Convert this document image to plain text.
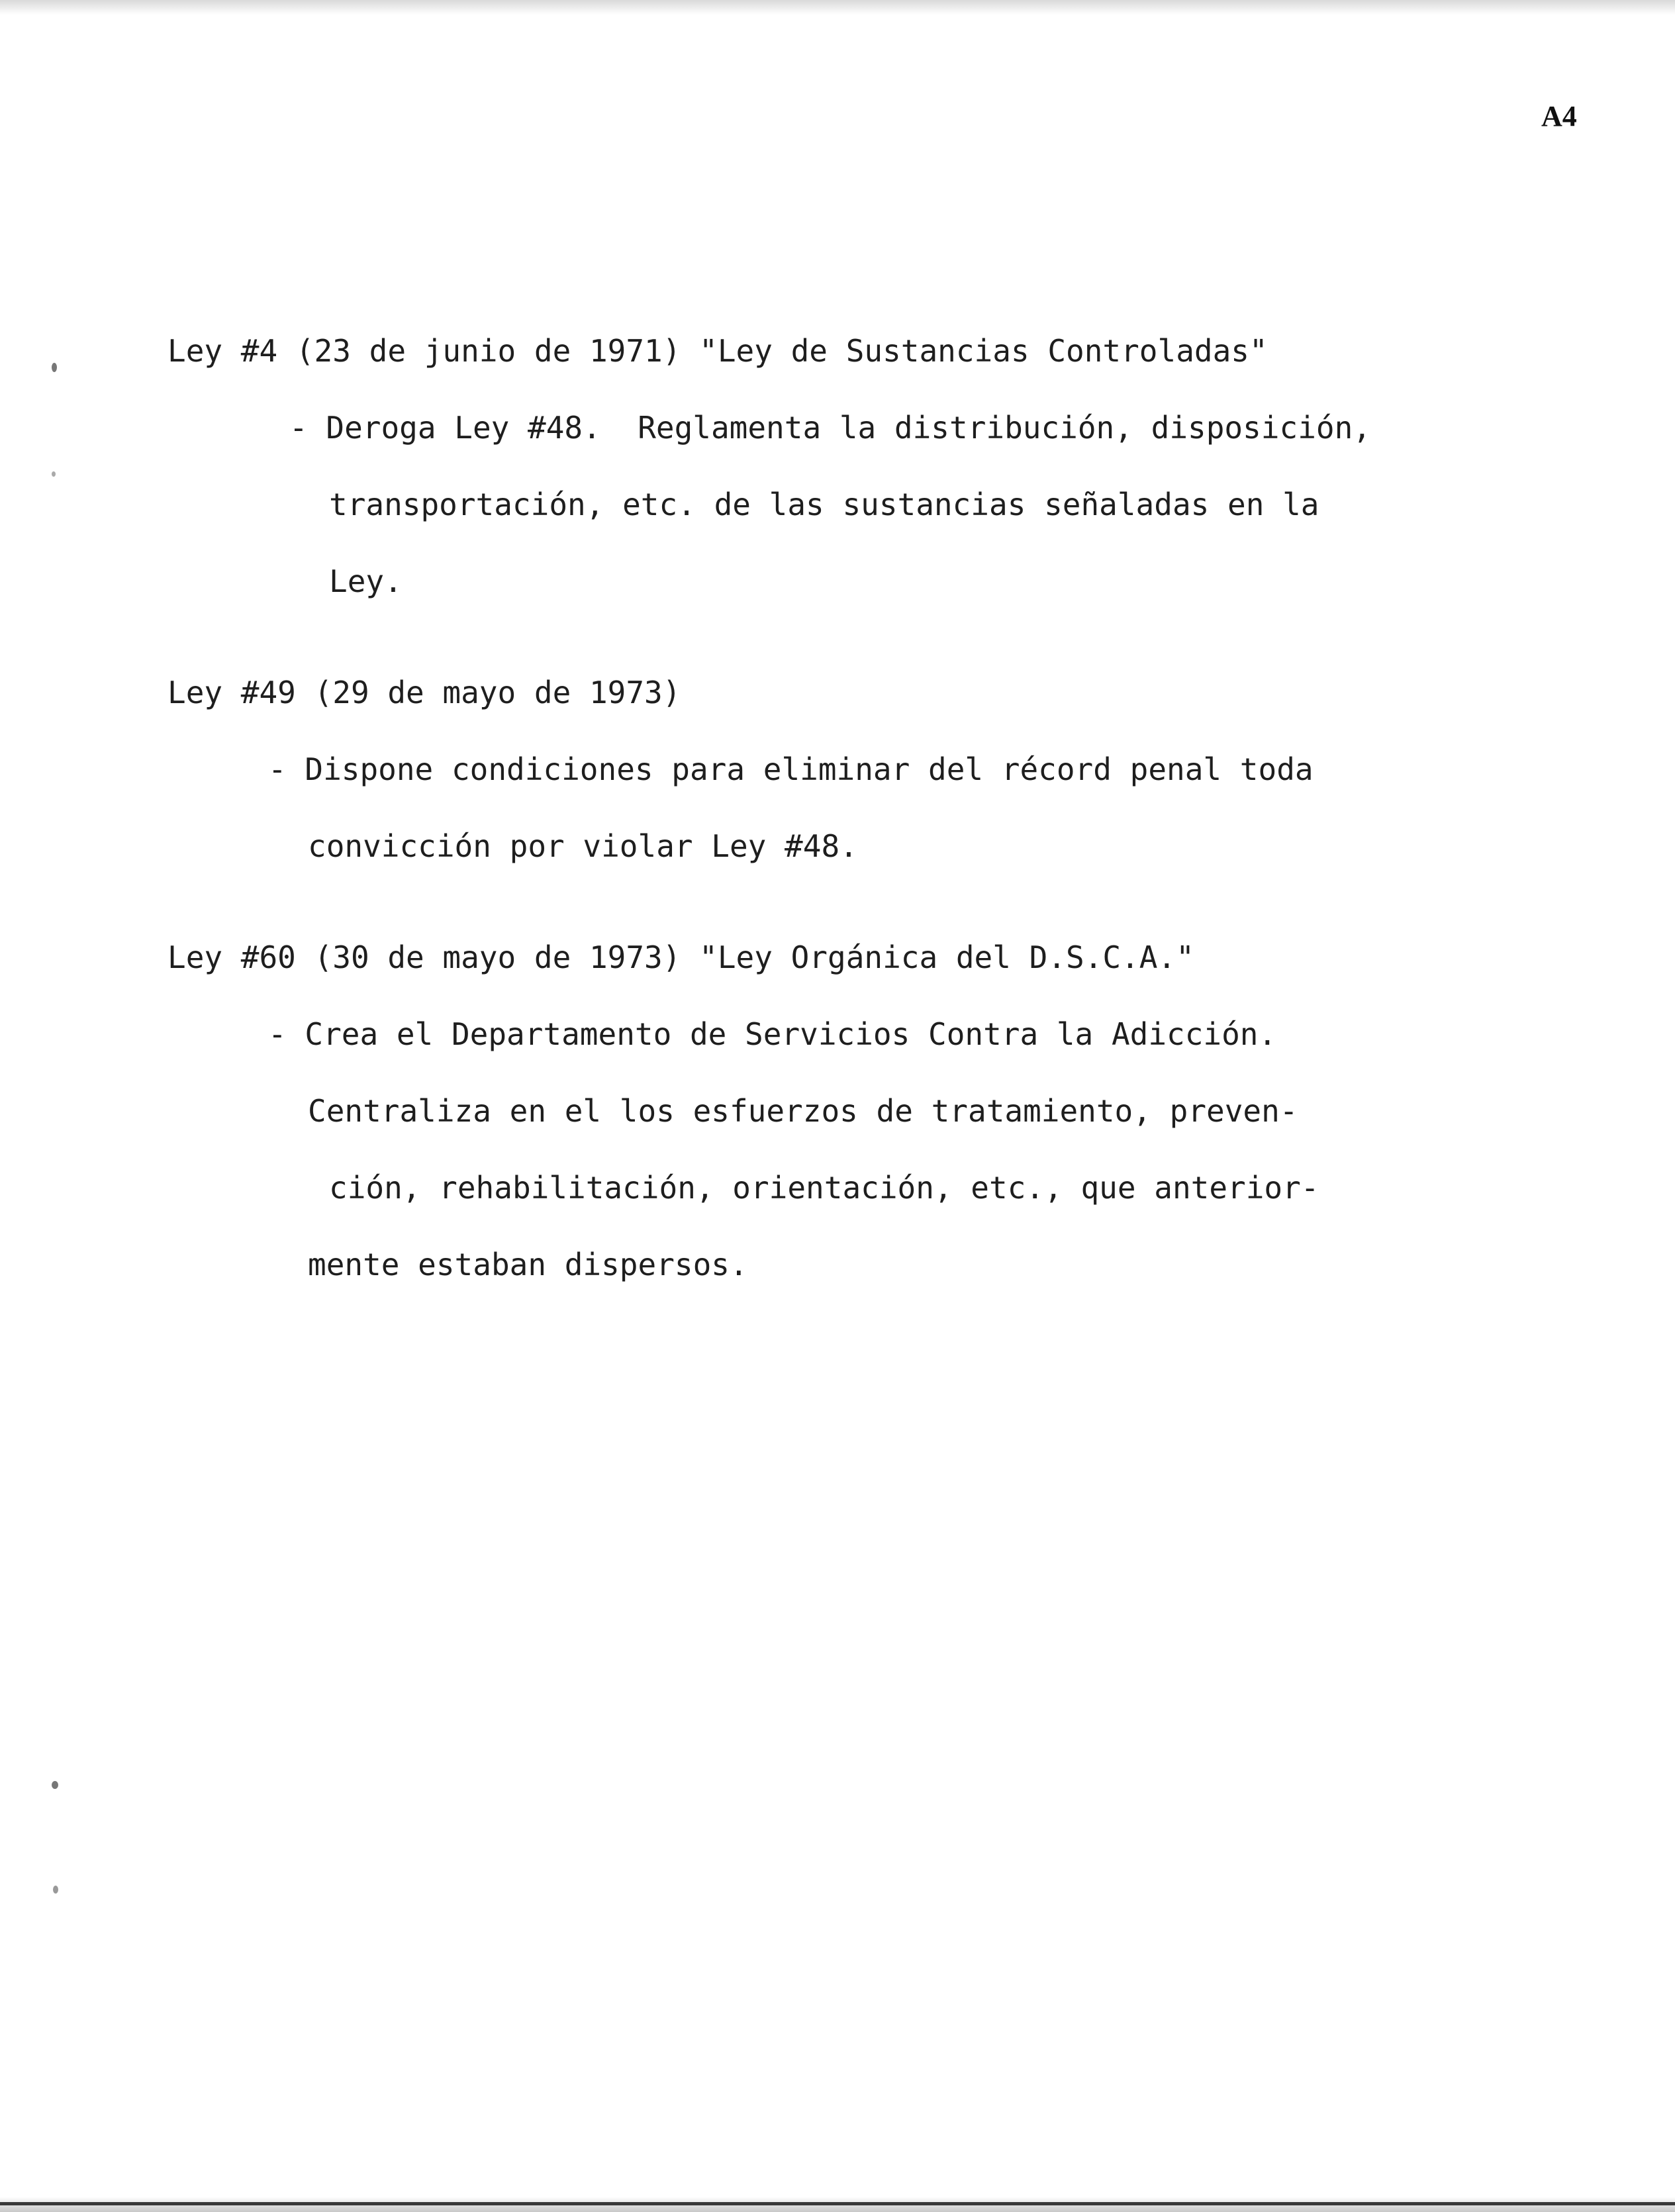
A4
Ley #4 (23 de junio de 1971) "Ley de Sustancias Controladas"
- Deroga Ley #48.  Reglamenta la distribución, disposición,
transportación, etc. de las sustancias señaladas en la
Ley.
Ley #49 (29 de mayo de 1973)
- Dispone condiciones para eliminar del récord penal toda
convicción por violar Ley #48.
Ley #60 (30 de mayo de 1973) "Ley Orgánica del D.S.C.A."
- Crea el Departamento de Servicios Contra la Adicción.
Centraliza en el los esfuerzos de tratamiento, preven-
ción, rehabilitación, orientación, etc., que anterior-
mente estaban dispersos.
